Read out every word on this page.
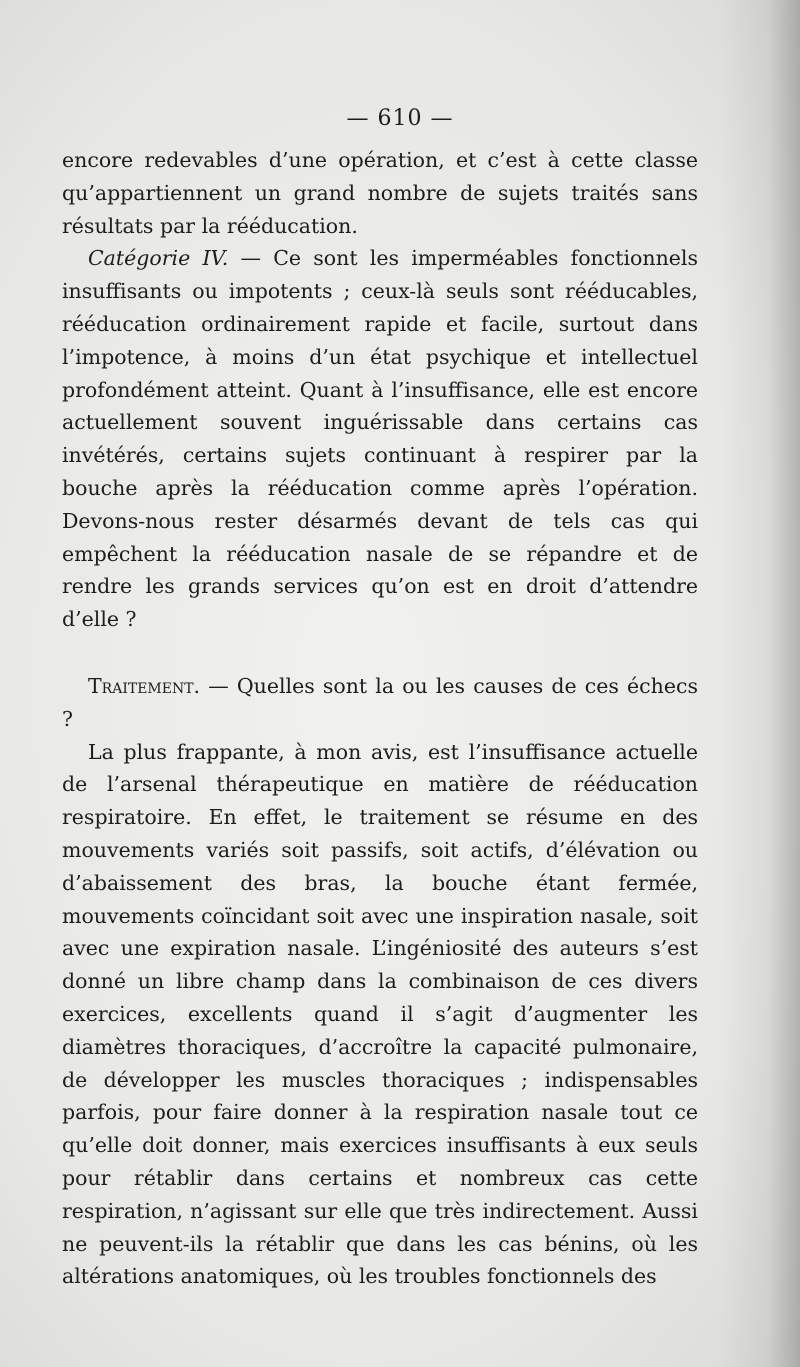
— 610 —

encore redevables d’une opération, et c’est à cette classe qu’appartiennent un grand nombre de sujets traités sans résultats par la rééducation.

Catégorie IV. — Ce sont les imperméables fonctionnels insuffisants ou impotents ; ceux-là seuls sont rééducables, rééducation ordinairement rapide et facile, surtout dans l’impotence, à moins d’un état psychique et intellectuel profondément atteint. Quant à l’insuffisance, elle est encore actuellement souvent inguérissable dans certains cas invétérés, certains sujets continuant à respirer par la bouche après la rééducation comme après l’opération. Devons-nous rester désarmés devant de tels cas qui empêchent la rééducation nasale de se répandre et de rendre les grands services qu’on est en droit d’attendre d’elle ?

Traitement. — Quelles sont la ou les causes de ces échecs ?

La plus frappante, à mon avis, est l’insuffisance actuelle de l’arsenal thérapeutique en matière de rééducation respiratoire. En effet, le traitement se résume en des mouvements variés soit passifs, soit actifs, d’élévation ou d’abaissement des bras, la bouche étant fermée, mouvements coïncidant soit avec une inspiration nasale, soit avec une expiration nasale. L’ingéniosité des auteurs s’est donné un libre champ dans la combinaison de ces divers exercices, excellents quand il s’agit d’augmenter les diamètres thoraciques, d’accroître la capacité pulmonaire, de développer les muscles thoraciques ; indispensables parfois, pour faire donner à la respiration nasale tout ce qu’elle doit donner, mais exercices insuffisants à eux seuls pour rétablir dans certains et nombreux cas cette respiration, n’agissant sur elle que très indirectement. Aussi ne peuvent-ils la rétablir que dans les cas bénins, où les altérations anatomiques, où les troubles fonctionnels des
